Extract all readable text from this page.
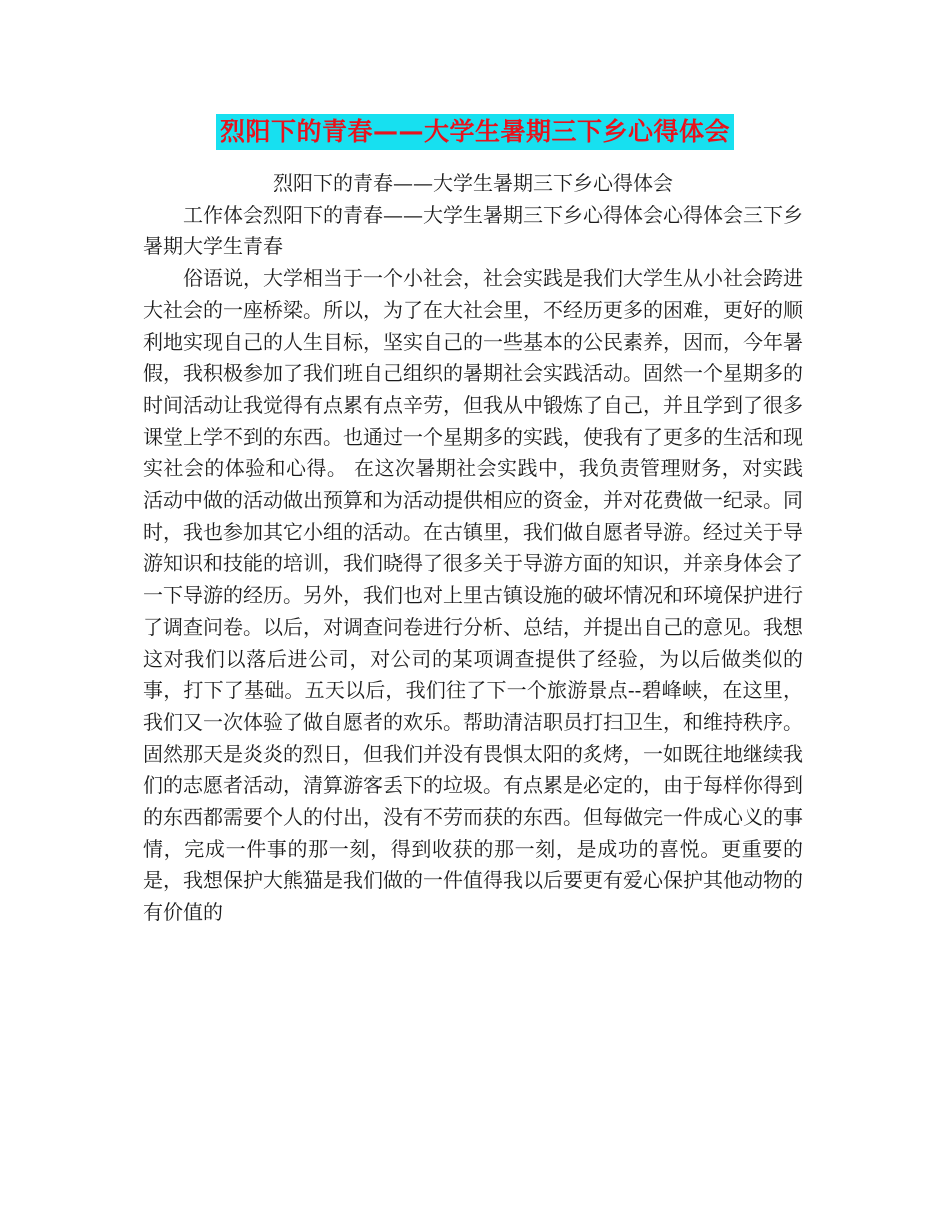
烈阳下的青春——大学生暑期三下乡心得体会

烈阳下的青春——大学生暑期三下乡心得体会

工作体会烈阳下的青春——大学生暑期三下乡心得体会心得体会三下乡暑期大学生青春

俗语说，大学相当于一个小社会，社会实践是我们大学生从小社会跨进大社会的一座桥梁。所以，为了在大社会里，不经历更多的困难，更好的顺利地实现自己的人生目标，坚实自己的一些基本的公民素养，因而，今年暑假，我积极参加了我们班自己组织的暑期社会实践活动。固然一个星期多的时间活动让我觉得有点累有点辛劳，但我从中锻炼了自己，并且学到了很多课堂上学不到的东西。也通过一个星期多的实践，使我有了更多的生活和现实社会的体验和心得。 在这次暑期社会实践中，我负责管理财务，对实践活动中做的活动做出预算和为活动提供相应的资金，并对花费做一纪录。同时，我也参加其它小组的活动。在古镇里，我们做自愿者导游。经过关于导游知识和技能的培训，我们晓得了很多关于导游方面的知识，并亲身体会了一下导游的经历。另外，我们也对上里古镇设施的破坏情况和环境保护进行了调查问卷。以后，对调查问卷进行分析、总结，并提出自己的意见。我想这对我们以落后进公司，对公司的某项调查提供了经验，为以后做类似的事，打下了基础。五天以后，我们往了下一个旅游景点--碧峰峡，在这里，我们又一次体验了做自愿者的欢乐。帮助清洁职员打扫卫生，和维持秩序。固然那天是炎炎的烈日，但我们并没有畏惧太阳的炙烤，一如既往地继续我们的志愿者活动，清算游客丢下的垃圾。有点累是必定的，由于每样你得到的东西都需要个人的付出，没有不劳而获的东西。但每做完一件成心义的事情，完成一件事的那一刻，得到收获的那一刻，是成功的喜悦。更重要的是，我想保护大熊猫是我们做的一件值得我以后要更有爱心保护其他动物的有价值的
